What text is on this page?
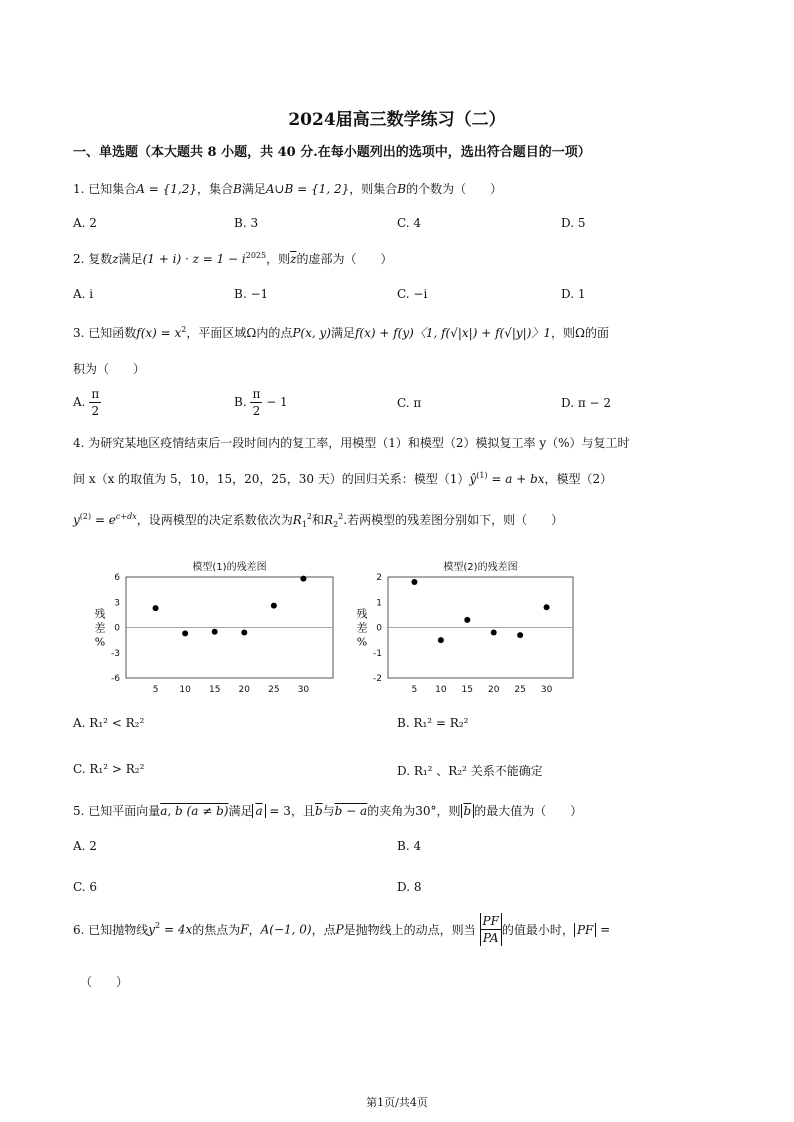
2024届高三数学练习（二）
一、单选题（本大题共 8 小题，共 40 分.在每小题列出的选项中，选出符合题目的一项）
1. 已知集合A = {1,2}，集合B满足A∪B = {1, 2}，则集合B的个数为（　　）
A. 2	B. 3	C. 4	D. 5
2. 复数z满足$(1 + i) \cdot z = 1 - i^{2025}$，则$\overline{z}$的虚部为（　　）
A. i	B. −1	C. −i	D. 1
3. 已知函数$f(x) = x^2$，平面区域Ω内的点P(x, y)满足f(x) + f(y)〈1, f(√|x|) + f(√|y|)〉1，则Ω的面
积为（　　）
A. $\frac{\pi}{2}$	B. $\frac{\pi}{2} - 1$	C. π	D. π − 2
4. 为研究某地区疫情结束后一段时间内的复工率，用模型（1）和模型（2）模拟复工率 y（%）与复工时
间 x（x 的取值为 5，10，15，20，25，30 天）的回归关系：模型$(1)ŷ^{(1)} = a$ + bx，模型（2）
$y^{(2)} = e^{c+dx}$，设两模型的决定系数依次为$R_1^2$和$R_2^2$.若两模型的残差图分别如下，则（　　）
模型(1)的残差图
6
3
0
-3
-6
5 10 15 20 25 30
残
差
%
模型(2)的残差图
2
1
0
-1
-2
5 10 15 20 25 30
残
差
%
A. R₁² < R₂²	B. R₁² = R₂²
C. R₁² > R₂²	D. R₁² 、R₂² 关系不能确定
5. 已知平面向量a, b (a ≠ b)满足 $\overline{a} = 3$，且$\overline{b}$与b − a的夹角为30°，则 $\overline{b}$ 的最大值为（　　）
A. 2	B. 4
C. 6	D. 8
6. 已知抛物线$y^2 = 4x$的焦点为F，A(−1, 0)，点P是抛物线上的动点，则当 $\frac{PF}{PA}$ 的值最小时， PF =
（　　）
第1页/共4页
